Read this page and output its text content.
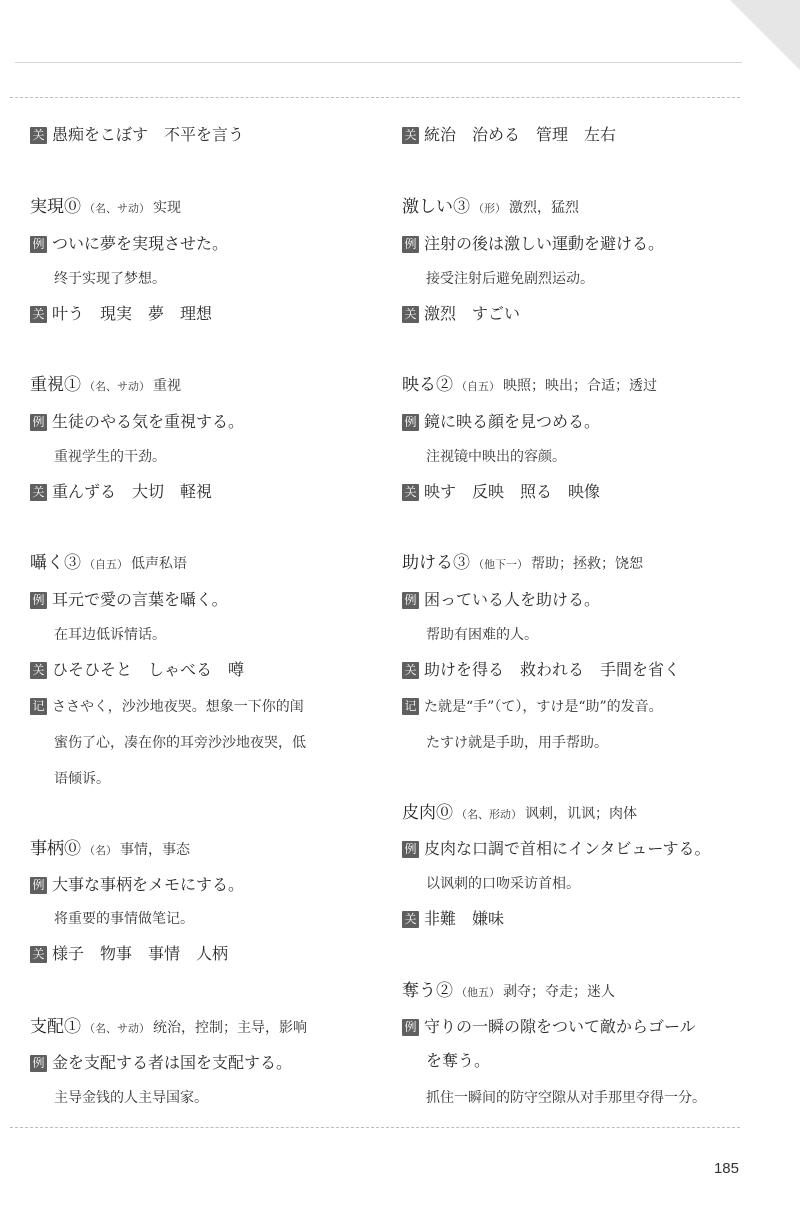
关 愚痴をこぼす　不平を言う
実現⓪ （名、サ动） 实现
例 ついに夢を実現させた。
终于实现了梦想。
关 叶う　現実　夢　理想
重視① （名、サ动） 重视
例 生徒のやる気を重視する。
重视学生的干劲。
关 重んずる　大切　軽視
囁く③ （自五） 低声私语
例 耳元で愛の言葉を囁く。
在耳边低诉情话。
关 ひそひそと　しゃべる　噂
记 ささやく，沙沙地夜哭。想象一下你的闺
蜜伤了心，凑在你的耳旁沙沙地夜哭，低
语倾诉。
事柄⓪ （名） 事情，事态
例 大事な事柄をメモにする。
将重要的事情做笔记。
关 様子　物事　事情　人柄
支配① （名、サ动） 统治，控制；主导，影响
例 金を支配する者は国を支配する。
主导金钱的人主导国家。
关 統治　治める　管理　左右
激しい③ （形） 激烈，猛烈
例 注射の後は激しい運動を避ける。
接受注射后避免剧烈运动。
关 激烈　すごい
映る② （自五） 映照；映出；合适；透过
例 鏡に映る顔を見つめる。
注视镜中映出的容颜。
关 映す　反映　照る　映像
助ける③ （他下一） 帮助；拯救；饶恕
例 困っている人を助ける。
帮助有困难的人。
关 助けを得る　救われる　手間を省く
记 た就是“手”（て），すけ是“助”的发音。
たすけ就是手助，用手帮助。
皮肉⓪ （名、形动） 讽刺，讥讽；肉体
例 皮肉な口調で首相にインタビューする。
以讽刺的口吻采访首相。
关 非難　嫌味
奪う② （他五） 剥夺；夺走；迷人
例 守りの一瞬の隙をついて敵からゴール
を奪う。
抓住一瞬间的防守空隙从对手那里夺得一分。
185
